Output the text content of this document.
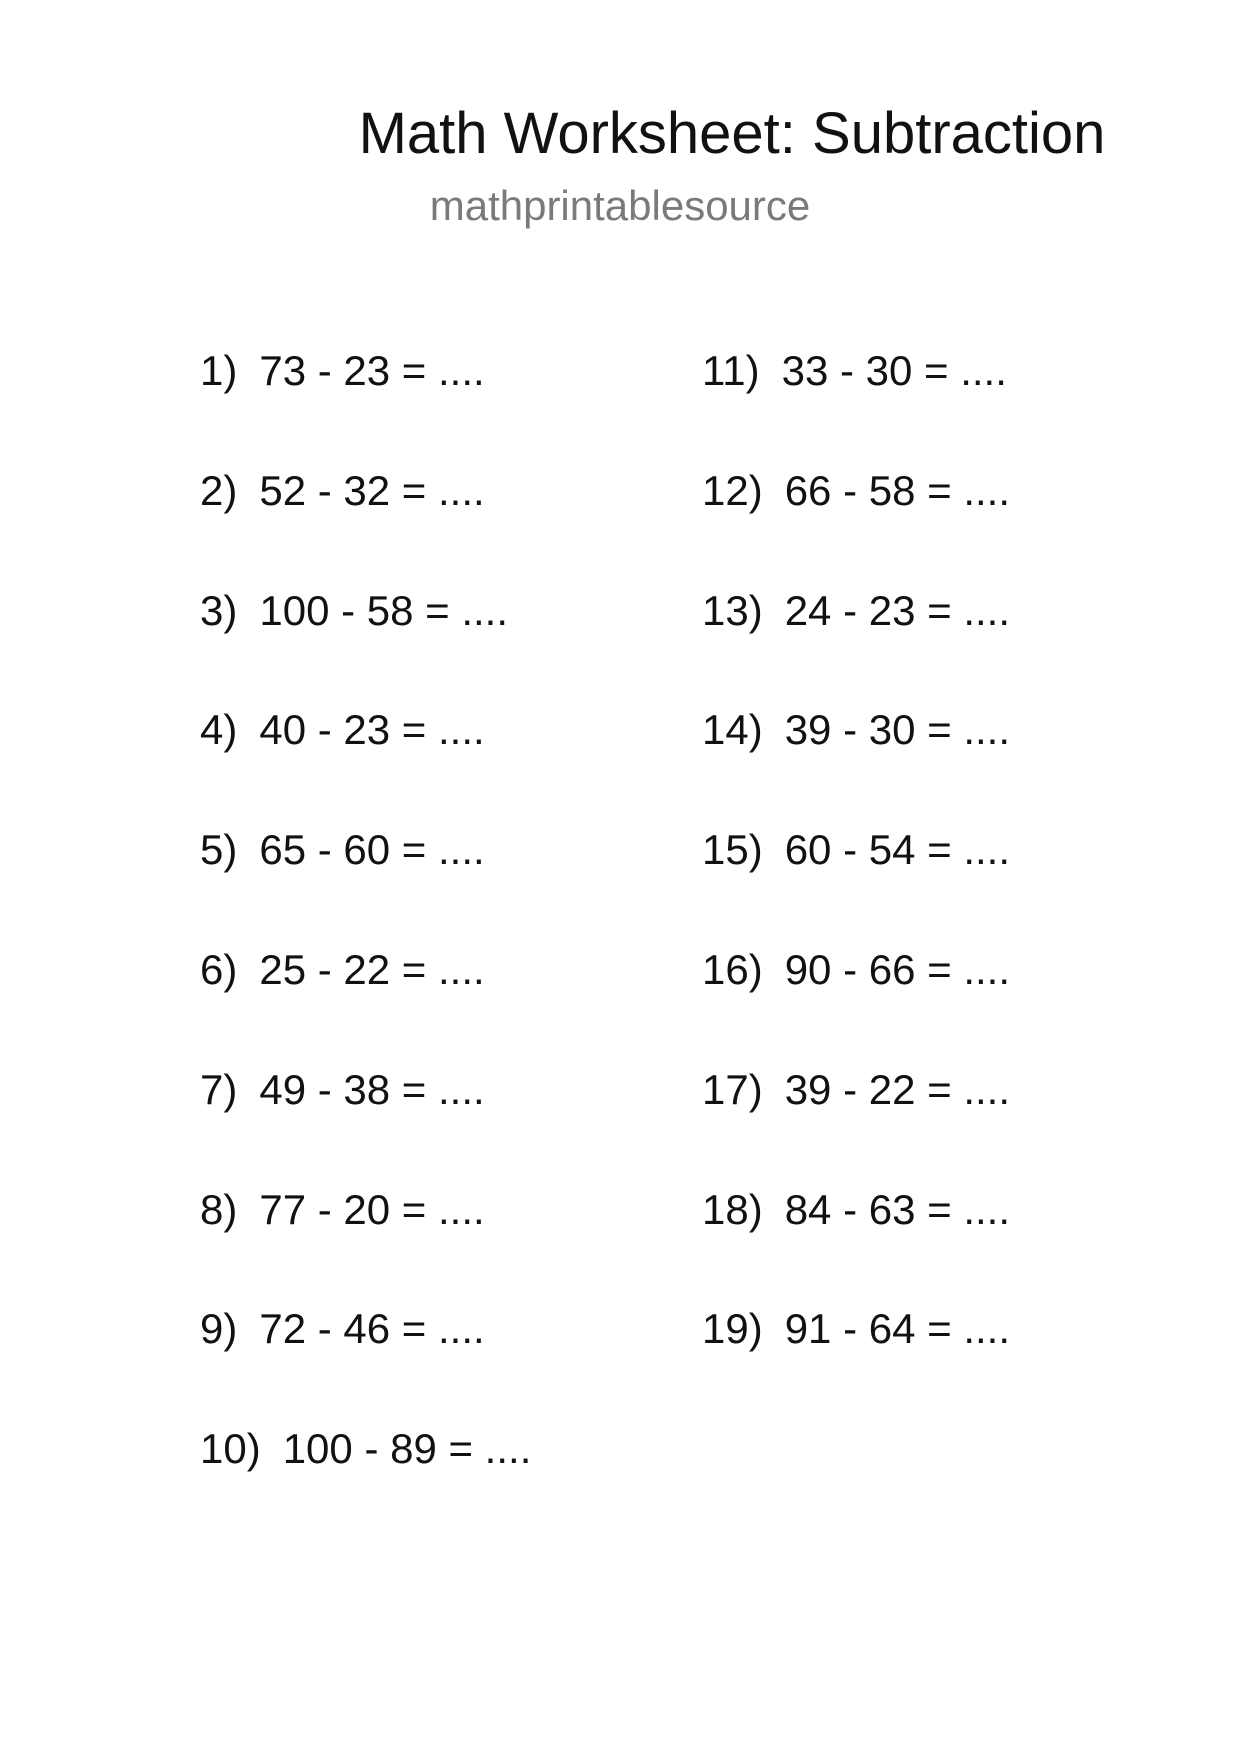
Math Worksheet: Subtraction
mathprintablesource
1) 73 - 23 = ....
2) 52 - 32 = ....
3) 100 - 58 = ....
4) 40 - 23 = ....
5) 65 - 60 = ....
6) 25 - 22 = ....
7) 49 - 38 = ....
8) 77 - 20 = ....
9) 72 - 46 = ....
10) 100 - 89 = ....
11) 33 - 30 = ....
12) 66 - 58 = ....
13) 24 - 23 = ....
14) 39 - 30 = ....
15) 60 - 54 = ....
16) 90 - 66 = ....
17) 39 - 22 = ....
18) 84 - 63 = ....
19) 91 - 64 = ....
